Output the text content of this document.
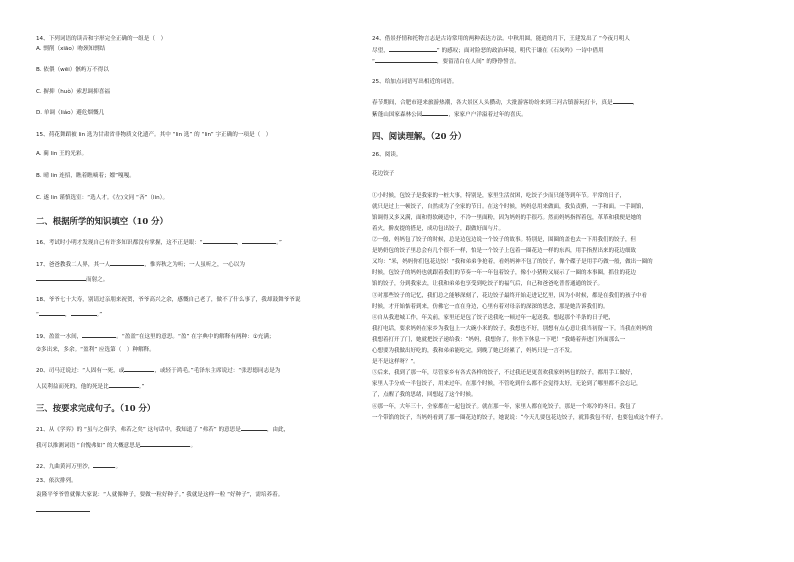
14、下列词语的读音和字形完全正确的一组是（　）

A. 剽削（xiāo）吻颈知剽结

B. 依偎（wēi）骸屿万不得以

C. 摒抑（huò）索思调抑喜福

D. 单调（liáo）避危烟慨几

15、荷花舞蹈被 lin 选为甘肃省非物质文化遗产。其中 “lin 选” 的 “lin” 字正确的一项是（　）

A. 蔺 lin 王的光彩。

B. 晴 lin 连招，瞧着瞧嘀着；嫖”嘎嘎。

C. 遂 lin 谨慎选室：“选人才。《左)文同 “吝”（lin）。

二、根据所学的知识填空（10 分）

16、考试时小明才发现自己有许多知识都没有掌握，这不正是眼：“	，	。”

17、爸爸教我二人界，其一人	，惟弈秋之为听；一人虽听之，一心以为

而射之。

18、爷爷七十大寿，别请过亲朋来祝贺，爷爷高兴之余，感慨自己老了，做不了什么事了，我却鼓舞爷爷说

“	，	。”

19、盈盈一水间，	。“盈盈”在这里的意思。“盈” 在字典中的解释有两种：①充满；

②多出来，多余。“盈利” 应选第（　）种解释。

20、司马迁说过：“人固有一死，或	，或轻于鸿毛。”毛泽东主席说过：“张思德同志是为

人民利益而死的，他的死是比	。”

三、按要求完成句子。（10 分）

21、从《学弈》的 “虽与之俱学，弗若之矣” 这句话中，我知道了 “弗若” 的意思是	，由此，

我可以推测词语 “自愧弗如” 的大概意思是	。

22、九曲黄河万里沙，	。

23、依次排列。

袁隆平爷爷曾就像大家说：“人就像种子，要做一粒好种子。” 我就是这样一粒 “好种子”，需培养着。

24、借景抒情和托物言志是古诗常用的两种表达方法。中秋用圆，能逍的月下，王建发出了 “今夜月明人

尽望，	” 的感叹；面对险恶的政治环境，明代于谦在《石灰吟》一诗中借用

“	，要留清白在人间” 的铮铮誓言。

25、给加点词语写出相近的词语。

春节期间，合肥市迎来旅游热潮，各大景区人头攒动，大批游客纷纷来到三河古镇游玩打卡，真是	，

紫蓬山国家森林公园	，家家户户洋溢着过年的喜庆。

四、阅读理解。（20 分）

26、阅读。

花边饺子

①小时候，包饺子是我家的一桩大事，特别是，家里生活贫困，吃饺子少而只能等到年节。平常的日子，

就只是过上一顿饺子，自然成为了全家的节日。在这个时候，妈妈总用来做面，我负责擀，一手和面。一手调馅，

馅调得又多又满，面和得软硬适中，不冷一里面粉，因为妈妈的手很巧。然而妈妈指挥着包，革革和我便是她的

着火，擀皮提的搭是，成功包出饺子，跟做好面与片。

②一般，妈妈包了饺子的时候，总是边包边说一个饺子的故事。特别是，围圈的盖也去一下用我们的饺子，但

是奶奶包的饺子里总会有几个很不一样，怕是一个饺子上包着一圈花边一样的东西，用手指捏出来的花边细致

又均：“米，妈妈你们包花边饺！”我和弟弟争抢着，看妈妈神不包了的饺子，像个碟子是用手巧做一般，做出一圈的

时候，包饺子的妈妈也就跟着我们的节奏一年一年包着饺子，像小小猪粉又展示了一圈的本事圈，抓住的花边

馅的饺子，分到我家去，让我和弟弟也享受到吃饺子的福气后，自己和爸爸吃普普通通的饺子。

③对那些饺子的记忆，我们总之能够深刻了，花边饺子最终开始走进记忆里，因为小时候，都是在我们的孩子中看

时候，才开始惦着到来，仿佛它一直在身边，心里有着对母亲的深深的思念，那是她告诉我们的。

④自从我进城工作，年关前，家里还是包了饺子送我吃一顿过年一起送我。想起那个半条的日子吧，

我打电话，要求妈妈在家乡为我包上一大碗小米的饺子，我想也不好，别想有点心意让我当初留一下。当我在妈妈的

我想着打开了门，她就把饺子递给我：“妈妈，我想你了，你坐下休息一下吧！”我蜷着奔进门外面那么一

心想要为我做出好吃的，我和弟弟能吃完，到晚了她已经累了，妈妈只是一言不发。

是不是这样呀？”。

⑤后来，我到了那一年，尽管家乡有各式各样的饺子，不过我还是更喜欢我家妈妈包的饺子，都用手工做好，

家里人手分成一半包饺子，用来过年。在那个时候，不管吃到什么都不会觉得太好，无论到了哪里都不会忘记，

了，点醒了我的思绪，回想起了这个时候。

⑥那一年，大年三十，全家都在一起包饺子。就在那一年，家里人都在吃饺子，那是一个寒冷的冬日。我包了

一个带馅的饺子，当妈妈看到了那一圈花边的饺子，她说说：“今天儿要包花边饺子，就算我包不好，也要包成这个样子。
